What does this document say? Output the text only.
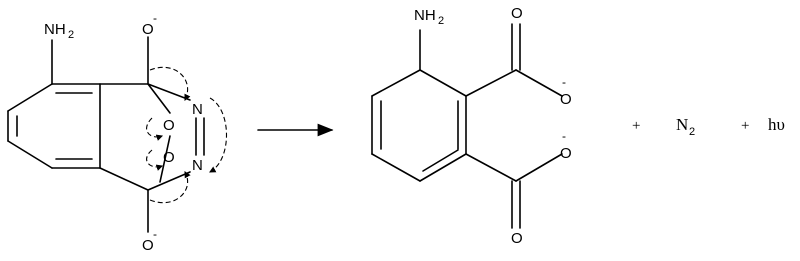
NH 2
O
O
N
N
O
-
O
-
NH 2	O
O
-
O
O
-
+ N 2	+ hυ
